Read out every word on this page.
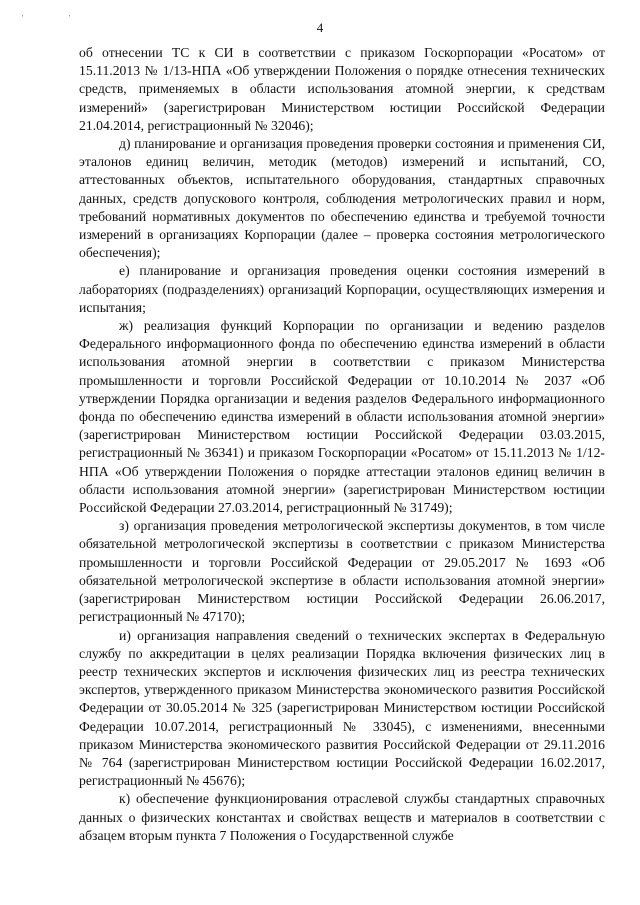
' '
4

об отнесении ТС к СИ в соответствии с приказом Госкорпорации «Росатом» от 15.11.2013 № 1/13-НПА «Об утверждении Положения о порядке отнесения технических средств, применяемых в области использования атомной энергии, к средствам измерений» (зарегистрирован Министерством юстиции Российской Федерации 21.04.2014, регистрационный № 32046);

д) планирование и организация проведения проверки состояния и применения СИ, эталонов единиц величин, методик (методов) измерений и испытаний, СО, аттестованных объектов, испытательного оборудования, стандартных справочных данных, средств допускового контроля, соблюдения метрологических правил и норм, требований нормативных документов по обеспечению единства и требуемой точности измерений в организациях Корпорации (далее – проверка состояния метрологического обеспечения);

е) планирование и организация проведения оценки состояния измерений в лабораториях (подразделениях) организаций Корпорации, осуществляющих измерения и испытания;

ж) реализация функций Корпорации по организации и ведению разделов Федерального информационного фонда по обеспечению единства измерений в области использования атомной энергии в соответствии с приказом Министерства промышленности и торговли Российской Федерации от 10.10.2014 № 2037 «Об утверждении Порядка организации и ведения разделов Федерального информационного фонда по обеспечению единства измерений в области использования атомной энергии» (зарегистрирован Министерством юстиции Российской Федерации 03.03.2015, регистрационный № 36341) и приказом Госкорпорации «Росатом» от 15.11.2013 № 1/12-НПА «Об утверждении Положения о порядке аттестации эталонов единиц величин в области использования атомной энергии» (зарегистрирован Министерством юстиции Российской Федерации 27.03.2014, регистрационный № 31749);

з) организация проведения метрологической экспертизы документов, в том числе обязательной метрологической экспертизы в соответствии с приказом Министерства промышленности и торговли Российской Федерации от 29.05.2017 № 1693 «Об обязательной метрологической экспертизе в области использования атомной энергии» (зарегистрирован Министерством юстиции Российской Федерации 26.06.2017, регистрационный № 47170);

и) организация направления сведений о технических экспертах в Федеральную службу по аккредитации в целях реализации Порядка включения физических лиц в реестр технических экспертов и исключения физических лиц из реестра технических экспертов, утвержденного приказом Министерства экономического развития Российской Федерации от 30.05.2014 № 325 (зарегистрирован Министерством юстиции Российской Федерации 10.07.2014, регистрационный № 33045), с изменениями, внесенными приказом Министерства экономического развития Российской Федерации от 29.11.2016 № 764 (зарегистрирован Министерством юстиции Российской Федерации 16.02.2017, регистрационный № 45676);

к) обеспечение функционирования отраслевой службы стандартных справочных данных о физических константах и свойствах веществ и материалов в соответствии с абзацем вторым пункта 7 Положения о Государственной службе
